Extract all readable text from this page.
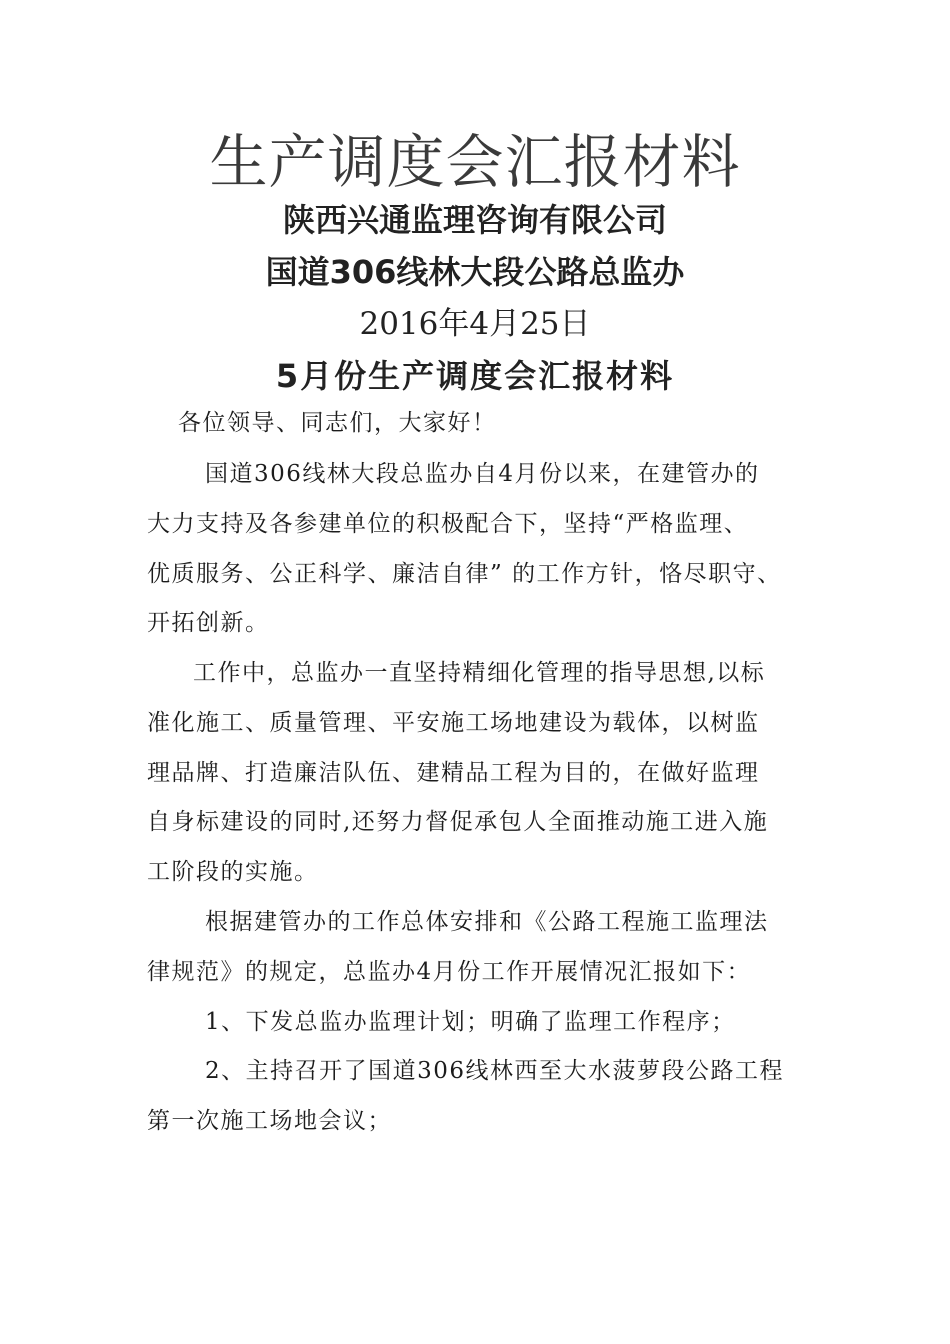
生产调度会汇报材料
陕西兴通监理咨询有限公司
国道306线林大段公路总监办
2016年4月25日
5月份生产调度会汇报材料
各位领导、同志们，大家好！
国道306线林大段总监办自4月份以来，在建管办的
大力支持及各参建单位的积极配合下，坚持“严格监理、
优质服务、公正科学、廉洁自律” 的工作方针，恪尽职守、
开拓创新。
工作中，总监办一直坚持精细化管理的指导思想,以标
准化施工、质量管理、平安施工场地建设为载体，以树监
理品牌、打造廉洁队伍、建精品工程为目的，在做好监理
自身标建设的同时,还努力督促承包人全面推动施工进入施
工阶段的实施。
根据建管办的工作总体安排和《公路工程施工监理法
律规范》的规定，总监办4月份工作开展情况汇报如下：
1、下发总监办监理计划；明确了监理工作程序；
2、主持召开了国道306线林西至大水菠萝段公路工程
第一次施工场地会议；
